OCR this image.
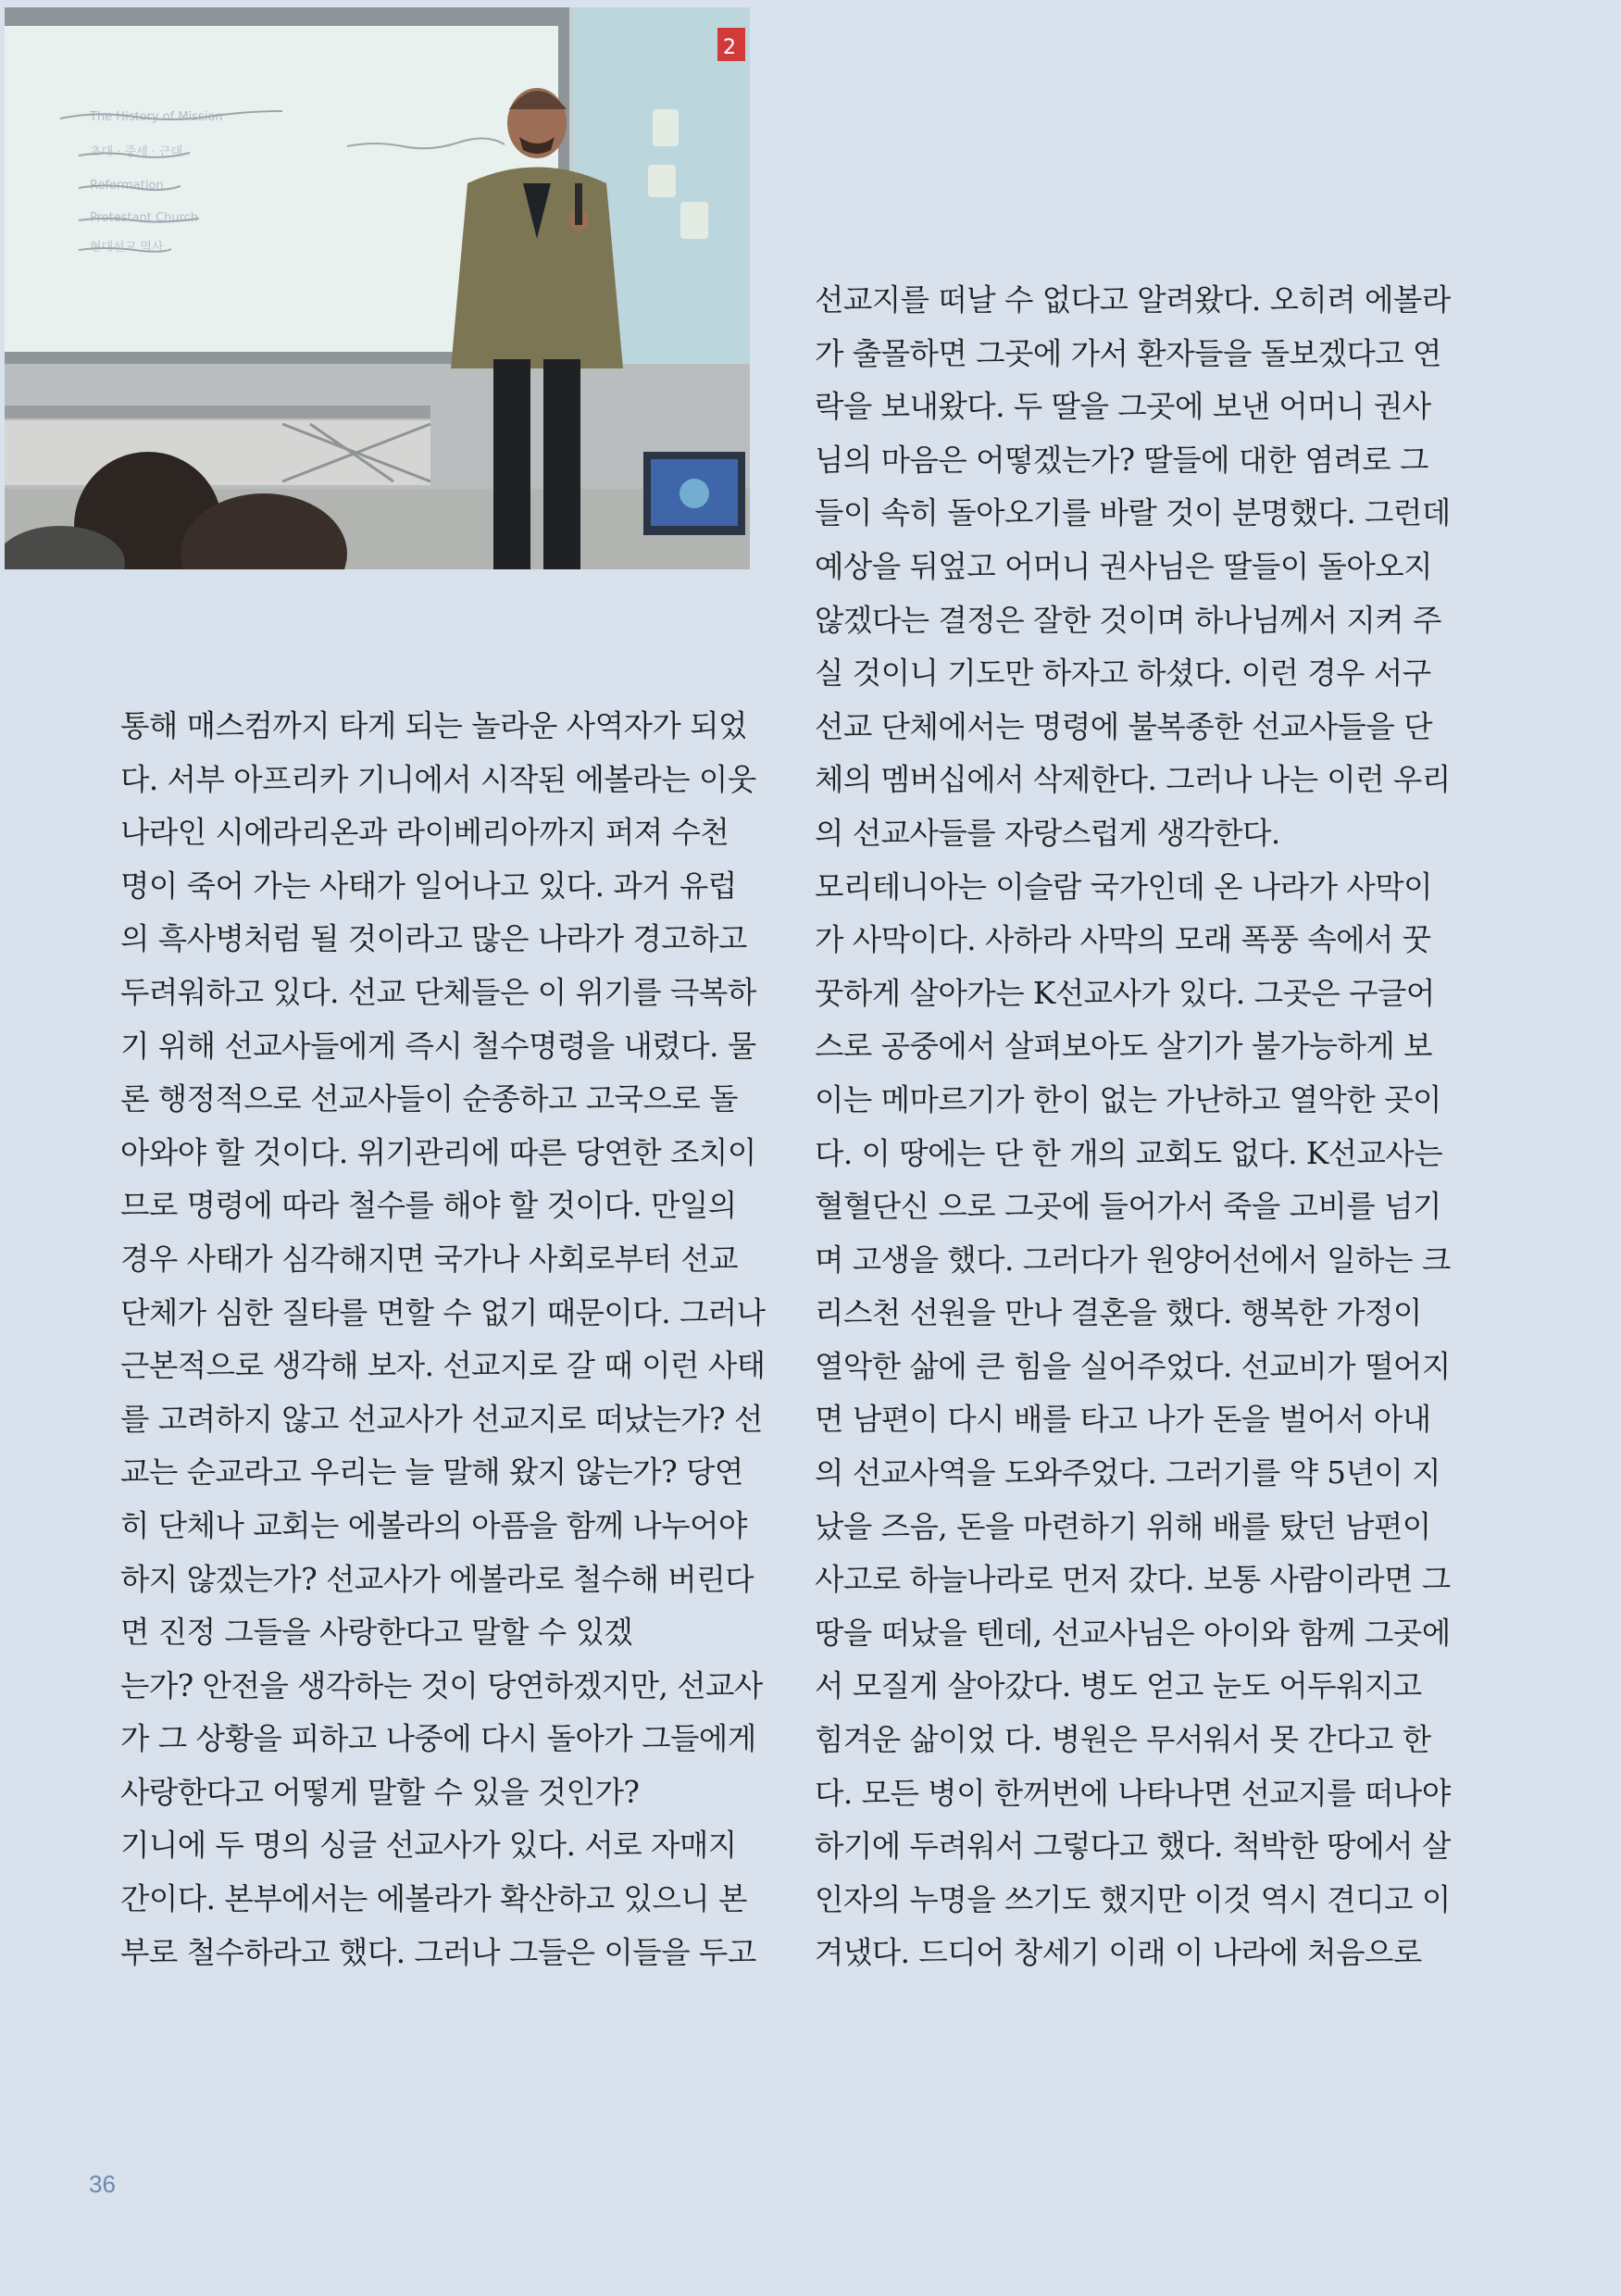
The History of Mission
초대 · 중세 · 근대
Reformation
Protestant Church
현대선교 역사
2
통해 매스컴까지 타게 되는 놀라운 사역자가 되었
다. 서부 아프리카 기니에서 시작된 에볼라는 이웃
나라인 시에라리온과 라이베리아까지 퍼져 수천
명이 죽어 가는 사태가 일어나고 있다. 과거 유럽
의 흑사병처럼 될 것이라고 많은 나라가 경고하고
두려워하고 있다. 선교 단체들은 이 위기를 극복하
기 위해 선교사들에게 즉시 철수명령을 내렸다. 물
론 행정적으로 선교사들이 순종하고 고국으로 돌
아와야 할 것이다. 위기관리에 따른 당연한 조치이
므로 명령에 따라 철수를 해야 할 것이다. 만일의
경우 사태가 심각해지면 국가나 사회로부터 선교
단체가 심한 질타를 면할 수 없기 때문이다. 그러나
근본적으로 생각해 보자. 선교지로 갈 때 이런 사태
를 고려하지 않고 선교사가 선교지로 떠났는가? 선
교는 순교라고 우리는 늘 말해 왔지 않는가? 당연
히 단체나 교회는 에볼라의 아픔을 함께 나누어야
하지 않겠는가? 선교사가 에볼라로 철수해 버린다
면 진정 그들을 사랑한다고 말할 수 있겠
는가? 안전을 생각하는 것이 당연하겠지만, 선교사
가 그 상황을 피하고 나중에 다시 돌아가 그들에게
사랑한다고 어떻게 말할 수 있을 것인가?
기니에 두 명의 싱글 선교사가 있다. 서로 자매지
간이다. 본부에서는 에볼라가 확산하고 있으니 본
부로 철수하라고 했다. 그러나 그들은 이들을 두고
선교지를 떠날 수 없다고 알려왔다. 오히려 에볼라
가 출몰하면 그곳에 가서 환자들을 돌보겠다고 연
락을 보내왔다. 두 딸을 그곳에 보낸 어머니 권사
님의 마음은 어떻겠는가? 딸들에 대한 염려로 그
들이 속히 돌아오기를 바랄 것이 분명했다. 그런데
예상을 뒤엎고 어머니 권사님은 딸들이 돌아오지
않겠다는 결정은 잘한 것이며 하나님께서 지켜 주
실 것이니 기도만 하자고 하셨다. 이런 경우 서구
선교 단체에서는 명령에 불복종한 선교사들을 단
체의 멤버십에서 삭제한다. 그러나 나는 이런 우리
의 선교사들를 자랑스럽게 생각한다.
모리테니아는 이슬람 국가인데 온 나라가 사막이
가 사막이다. 사하라 사막의 모래 폭풍 속에서 꿋
꿋하게 살아가는 K선교사가 있다. 그곳은 구글어
스로 공중에서 살펴보아도 살기가 불가능하게 보
이는 메마르기가 한이 없는 가난하고 열악한 곳이
다. 이 땅에는 단 한 개의 교회도 없다. K선교사는
혈혈단신 으로 그곳에 들어가서 죽을 고비를 넘기
며 고생을 했다. 그러다가 원양어선에서 일하는 크
리스천 선원을 만나 결혼을 했다. 행복한 가정이
열악한 삶에 큰 힘을 실어주었다. 선교비가 떨어지
면 남편이 다시 배를 타고 나가 돈을 벌어서 아내
의 선교사역을 도와주었다. 그러기를 약 5년이 지
났을 즈음, 돈을 마련하기 위해 배를 탔던 남편이
사고로 하늘나라로 먼저 갔다. 보통 사람이라면 그
땅을 떠났을 텐데, 선교사님은 아이와 함께 그곳에
서 모질게 살아갔다. 병도 얻고 눈도 어두워지고
힘겨운 삶이었 다. 병원은 무서워서 못 간다고 한
다. 모든 병이 한꺼번에 나타나면 선교지를 떠나야
하기에 두려워서 그렇다고 했다. 척박한 땅에서 살
인자의 누명을 쓰기도 했지만 이것 역시 견디고 이
겨냈다. 드디어 창세기 이래 이 나라에 처음으로
36
